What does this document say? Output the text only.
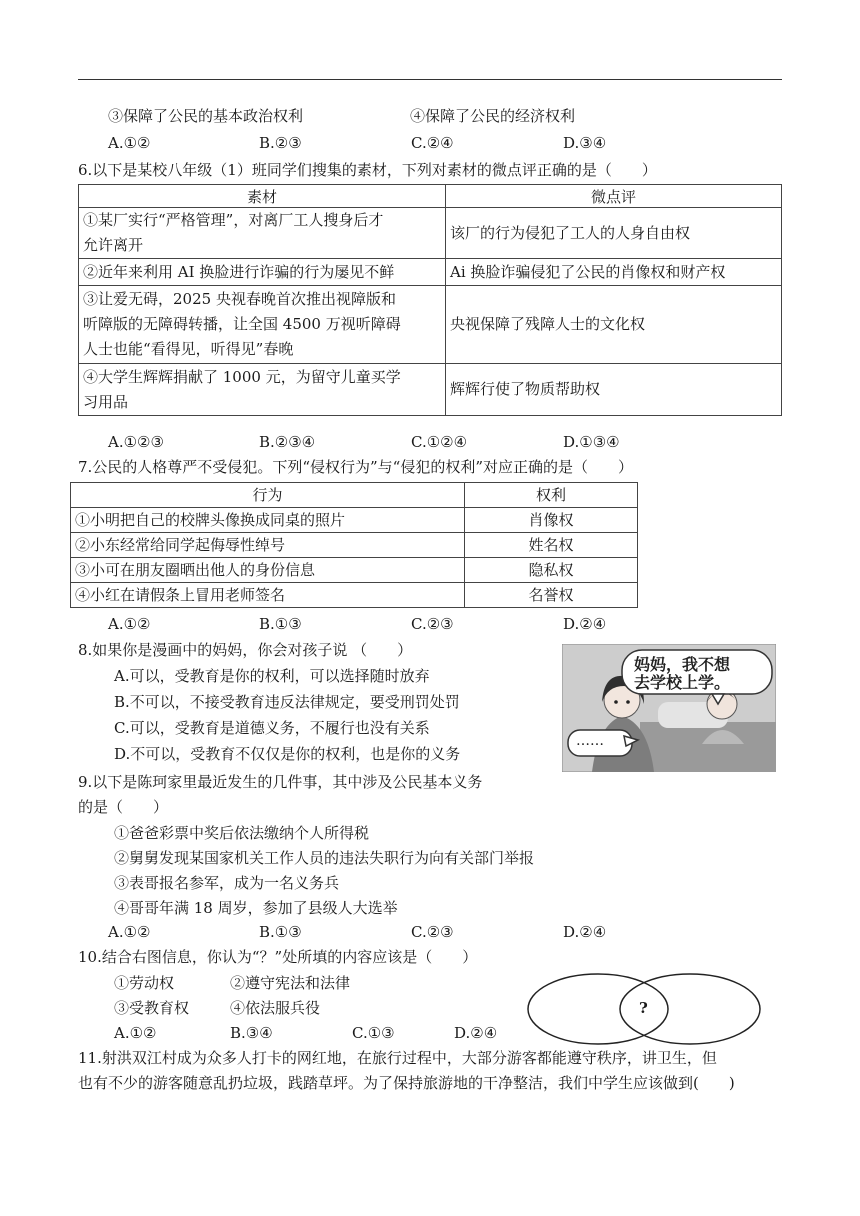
③保障了公民的基本政治权利	④保障了公民的经济权利
A.①②	B.②③	C.②④	D.③④
6.以下是某校八年级（1）班同学们搜集的素材，下列对素材的微点评正确的是（　　）
素材	微点评

①某厂实行“严格管理”，对离厂工人搜身后才
允许离开	该厂的行为侵犯了工人的人身自由权

②近年来利用 AI 换脸进行诈骗的行为屡见不鲜	Ai 换脸诈骗侵犯了公民的肖像权和财产权

③让爱无碍，2025 央视春晚首次推出视障版和
听障版的无障碍转播，让全国 4500 万视听障碍
人士也能“看得见，听得见”春晚	央视保障了残障人士的文化权

④大学生辉辉捐献了 1000 元，为留守儿童买学
习用品	辉辉行使了物质帮助权
A.①②③	B.②③④	C.①②④	D.①③④
7.公民的人格尊严不受侵犯。下列“侵权行为”与“侵犯的权利”对应正确的是（　　）
行为	权利
①小明把自己的校牌头像换成同桌的照片	肖像权
②小东经常给同学起侮辱性绰号	姓名权
③小可在朋友圈晒出他人的身份信息	隐私权
④小红在请假条上冒用老师签名	名誉权
A.①②	B.①③	C.②③	D.②④
8.如果你是漫画中的妈妈，你会对孩子说 （　　）
A.可以，受教育是你的权利，可以选择随时放弃
B.不可以，不接受教育违反法律规定，要受刑罚处罚
C.可以，受教育是道德义务，不履行也没有关系
D.不可以，受教育不仅仅是你的权利，也是你的义务
妈妈，我不想
去学校上学。
……
9.以下是陈珂家里最近发生的几件事，其中涉及公民基本义务
的是（　　）
①爸爸彩票中奖后依法缴纳个人所得税
②舅舅发现某国家机关工作人员的违法失职行为向有关部门举报
③表哥报名参军，成为一名义务兵
④哥哥年满 18 周岁，参加了县级人大选举
A.①②	B.①③	C.②③	D.②④
10.结合右图信息，你认为“？”处所填的内容应该是（　　）
①劳动权	②遵守宪法和法律
③受教育权	④依法服兵役
A.①②	B.③④	C.①③	D.②④
?
11.射洪双江村成为众多人打卡的网红地，在旅行过程中，大部分游客都能遵守秩序，讲卫生，但
也有不少的游客随意乱扔垃圾，践踏草坪。为了保持旅游地的干净整洁，我们中学生应该做到(　　)
